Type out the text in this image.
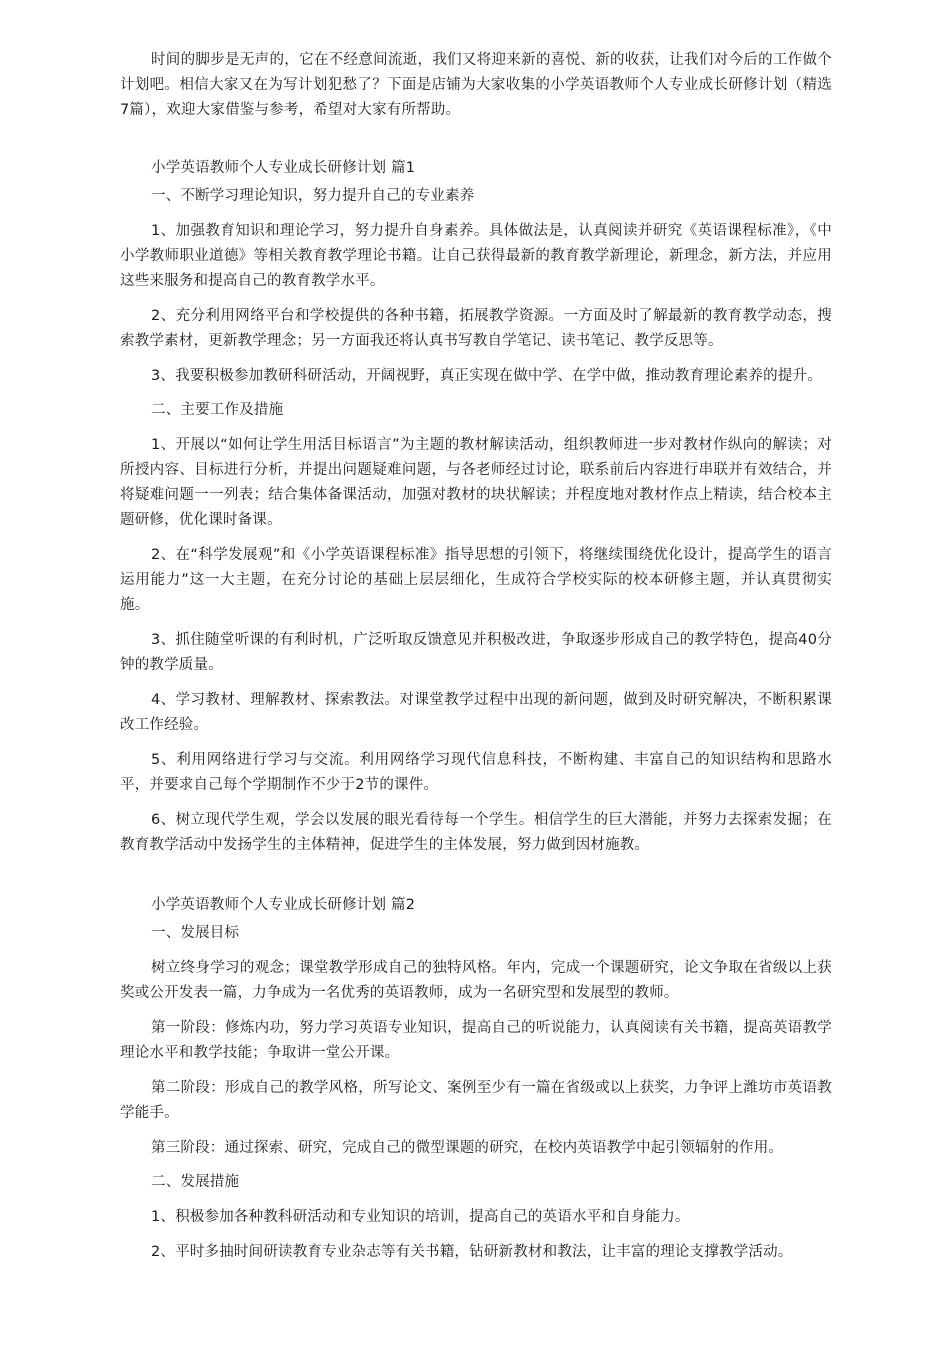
时间的脚步是无声的，它在不经意间流逝，我们又将迎来新的喜悦、新的收获，让我们对今后的工作做个计划吧。相信大家又在为写计划犯愁了？下面是店铺为大家收集的小学英语教师个人专业成长研修计划（精选7篇），欢迎大家借鉴与参考，希望对大家有所帮助。

小学英语教师个人专业成长研修计划 篇1
一、不断学习理论知识，努力提升自己的专业素养

1、加强教育知识和理论学习，努力提升自身素养。具体做法是，认真阅读并研究《英语课程标准》，《中小学教师职业道德》等相关教育教学理论书籍。让自己获得最新的教育教学新理论，新理念，新方法，并应用这些来服务和提高自己的教育教学水平。

2、充分利用网络平台和学校提供的各种书籍，拓展教学资源。一方面及时了解最新的教育教学动态，搜索教学素材，更新教学理念；另一方面我还将认真书写教自学笔记、读书笔记、教学反思等。

3、我要积极参加教研科研活动，开阔视野，真正实现在做中学、在学中做，推动教育理论素养的提升。

二、主要工作及措施

1、开展以“如何让学生用活目标语言”为主题的教材解读活动，组织教师进一步对教材作纵向的解读；对所授内容、目标进行分析，并提出问题疑难问题，与各老师经过讨论，联系前后内容进行串联并有效结合，并将疑难问题一一列表；结合集体备课活动，加强对教材的块状解读；并程度地对教材作点上精读，结合校本主题研修，优化课时备课。

2、在“科学发展观”和《小学英语课程标准》指导思想的引领下，将继续围绕优化设计，提高学生的语言运用能力”这一大主题，在充分讨论的基础上层层细化，生成符合学校实际的校本研修主题，并认真贯彻实施。

3、抓住随堂听课的有利时机，广泛听取反馈意见并积极改进，争取逐步形成自己的教学特色，提高40分钟的教学质量。

4、学习教材、理解教材、探索教法。对课堂教学过程中出现的新问题，做到及时研究解决，不断积累课改工作经验。

5、利用网络进行学习与交流。利用网络学习现代信息科技，不断构建、丰富自己的知识结构和思路水平，并要求自己每个学期制作不少于2节的课件。

6、树立现代学生观，学会以发展的眼光看待每一个学生。相信学生的巨大潜能，并努力去探索发掘；在教育教学活动中发扬学生的主体精神，促进学生的主体发展，努力做到因材施教。

小学英语教师个人专业成长研修计划 篇2
一、发展目标

树立终身学习的观念；课堂教学形成自己的独特风格。年内，完成一个课题研究，论文争取在省级以上获奖或公开发表一篇，力争成为一名优秀的英语教师，成为一名研究型和发展型的教师。

第一阶段：修炼内功，努力学习英语专业知识，提高自己的听说能力，认真阅读有关书籍，提高英语教学理论水平和教学技能；争取讲一堂公开课。

第二阶段：形成自己的教学风格，所写论文、案例至少有一篇在省级或以上获奖，力争评上潍坊市英语教学能手。

第三阶段：通过探索、研究，完成自己的微型课题的研究，在校内英语教学中起引领辐射的作用。

二、发展措施

1、积极参加各种教科研活动和专业知识的培训，提高自己的英语水平和自身能力。

2、平时多抽时间研读教育专业杂志等有关书籍，钻研新教材和教法，让丰富的理论支撑教学活动。
